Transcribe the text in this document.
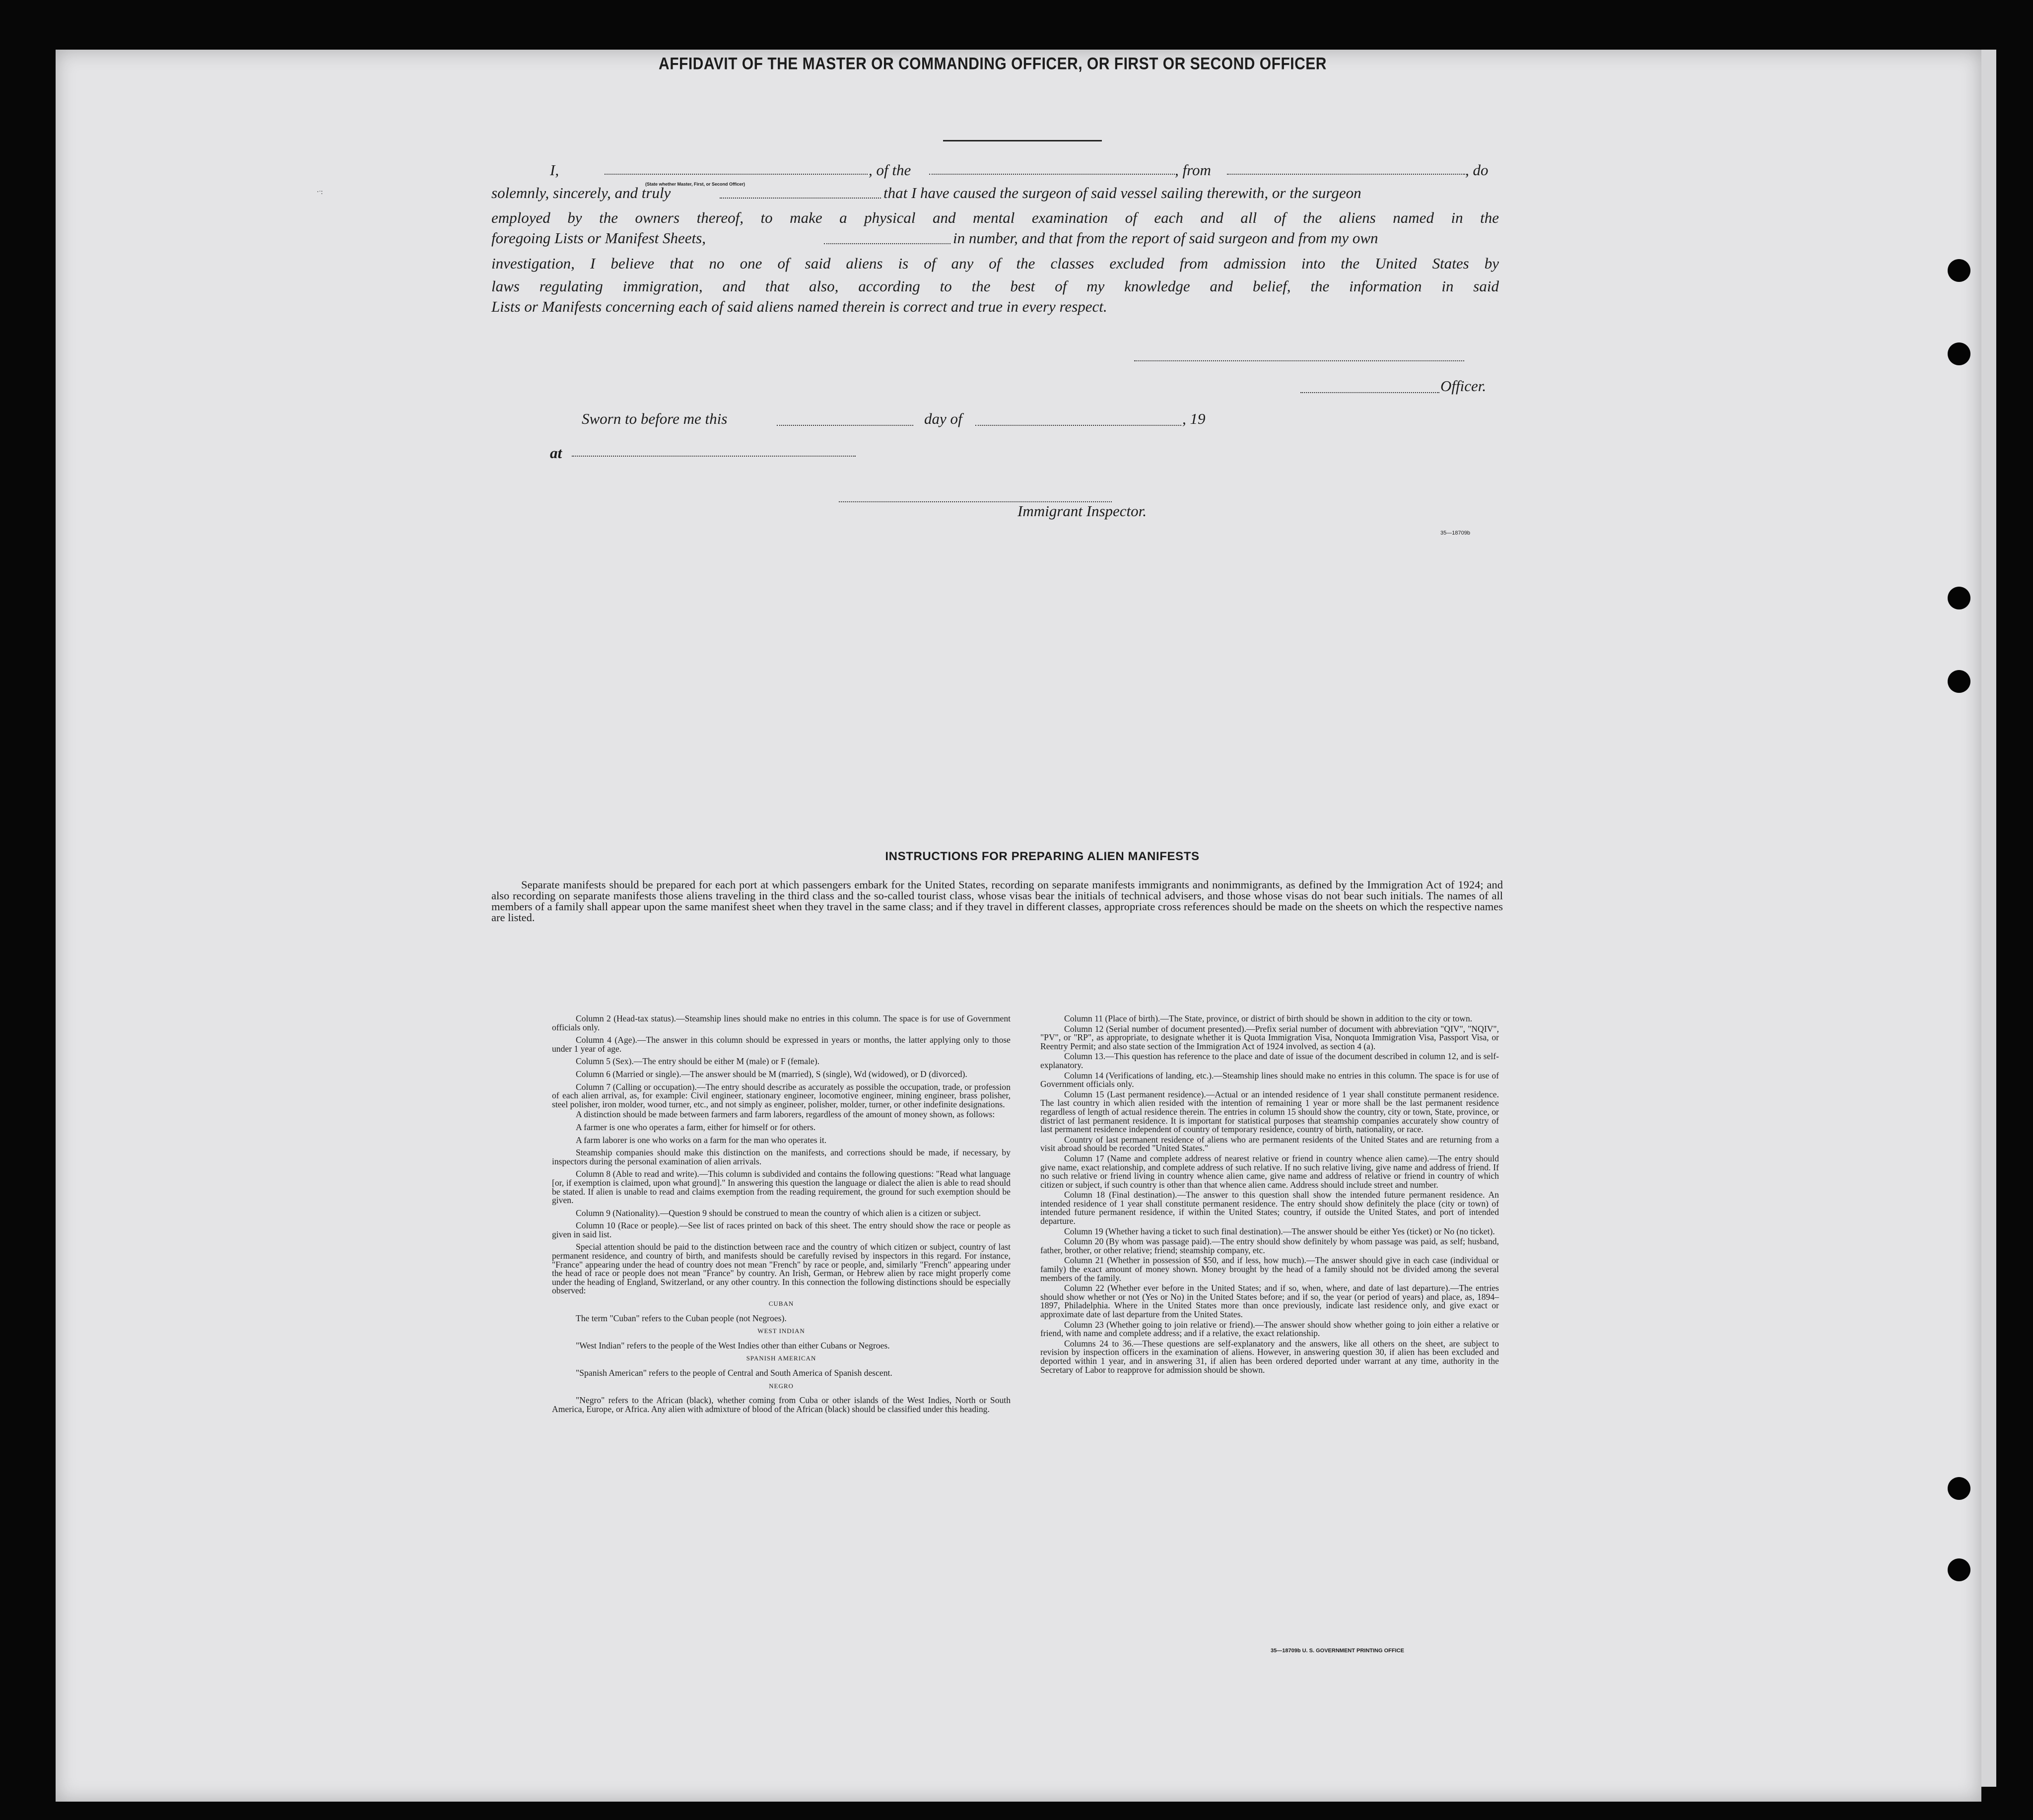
·ˑ:
AFFIDAVIT OF THE MASTER OR COMMANDING OFFICER, OR FIRST OR SECOND OFFICER
I,
(State whether Master, First, or Second Officer)
, of the	, from	, do
solemnly, sincerely, and truly	that I have caused the surgeon of said vessel sailing therewith, or the surgeon
employed by the owners thereof, to make a physical and mental examination of each and all of the aliens named in the
foregoing Lists or Manifest Sheets,	in number, and that from the report of said surgeon and from my own
investigation, I believe that no one of said aliens is of any of the classes excluded from admission into the United States by
laws regulating immigration, and that also, according to the best of my knowledge and belief, the information in said
Lists or Manifests concerning each of said aliens named therein is correct and true in every respect.
Officer.
Sworn to before me this	day of	, 19
at
Immigrant Inspector.
35—18709b
INSTRUCTIONS FOR PREPARING ALIEN MANIFESTS

Separate manifests should be prepared for each port at which passengers embark for the United States, recording on separate manifests immigrants and nonimmigrants, as defined by the Immigration Act of 1924; and also recording on separate manifests those aliens traveling in the third class and the so-called tourist class, whose visas bear the initials of technical advisers, and those whose visas do not bear such initials. The names of all members of a family shall appear upon the same manifest sheet when they travel in the same class; and if they travel in different classes, appropriate cross references should be made on the sheets on which the respective names are listed.

Column 2 (Head-tax status).—Steamship lines should make no entries in this column. The space is for use of Government officials only.

Column 4 (Age).—The answer in this column should be expressed in years or months, the latter applying only to those under 1 year of age.

Column 5 (Sex).—The entry should be either M (male) or F (female).

Column 6 (Married or single).—The answer should be M (married), S (single), Wd (widowed), or D (divorced).

Column 7 (Calling or occupation).—The entry should describe as accurately as possible the occupation, trade, or profession of each alien arrival, as, for example: Civil engineer, stationary engineer, locomotive engineer, mining engineer, brass polisher, steel polisher, iron molder, wood turner, etc., and not simply as engineer, polisher, molder, turner, or other indefinite designations.

A distinction should be made between farmers and farm laborers, regardless of the amount of money shown, as follows:

A farmer is one who operates a farm, either for himself or for others.

A farm laborer is one who works on a farm for the man who operates it.

Steamship companies should make this distinction on the manifests, and corrections should be made, if necessary, by inspectors during the personal examination of alien arrivals.

Column 8 (Able to read and write).—This column is subdivided and contains the following questions: "Read what language [or, if exemption is claimed, upon what ground]." In answering this question the language or dialect the alien is able to read should be stated. If alien is unable to read and claims exemption from the reading requirement, the ground for such exemption should be given.

Column 9 (Nationality).—Question 9 should be construed to mean the country of which alien is a citizen or subject.

Column 10 (Race or people).—See list of races printed on back of this sheet. The entry should show the race or people as given in said list.

Special attention should be paid to the distinction between race and the country of which citizen or subject, country of last permanent residence, and country of birth, and manifests should be carefully revised by inspectors in this regard. For instance, "France" appearing under the head of country does not mean "French" by race or people, and, similarly "French" appearing under the head of race or people does not mean "France" by country. An Irish, German, or Hebrew alien by race might properly come under the heading of England, Switzerland, or any other country. In this connection the following distinctions should be especially observed:

CUBAN

The term "Cuban" refers to the Cuban people (not Negroes).

WEST INDIAN

"West Indian" refers to the people of the West Indies other than either Cubans or Negroes.

SPANISH AMERICAN

"Spanish American" refers to the people of Central and South America of Spanish descent.

NEGRO

"Negro" refers to the African (black), whether coming from Cuba or other islands of the West Indies, North or South America, Europe, or Africa. Any alien with admixture of blood of the African (black) should be classified under this heading.

Column 11 (Place of birth).—The State, province, or district of birth should be shown in addition to the city or town.

Column 12 (Serial number of document presented).—Prefix serial number of document with abbreviation "QIV", "NQIV", "PV", or "RP", as appropriate, to designate whether it is Quota Immigration Visa, Nonquota Immigration Visa, Passport Visa, or Reentry Permit; and also state section of the Immigration Act of 1924 involved, as section 4 (a).

Column 13.—This question has reference to the place and date of issue of the document described in column 12, and is self-explanatory.

Column 14 (Verifications of landing, etc.).—Steamship lines should make no entries in this column. The space is for use of Government officials only.

Column 15 (Last permanent residence).—Actual or an intended residence of 1 year shall constitute permanent residence. The last country in which alien resided with the intention of remaining 1 year or more shall be the last permanent residence regardless of length of actual residence therein. The entries in column 15 should show the country, city or town, State, province, or district of last permanent residence. It is important for statistical purposes that steamship companies accurately show country of last permanent residence independent of country of temporary residence, country of birth, nationality, or race.

Country of last permanent residence of aliens who are permanent residents of the United States and are returning from a visit abroad should be recorded "United States."

Column 17 (Name and complete address of nearest relative or friend in country whence alien came).—The entry should give name, exact relationship, and complete address of such relative. If no such relative living, give name and address of friend. If no such relative or friend living in country whence alien came, give name and address of relative or friend in country of which citizen or subject, if such country is other than that whence alien came. Address should include street and number.

Column 18 (Final destination).—The answer to this question shall show the intended future permanent residence. An intended residence of 1 year shall constitute permanent residence. The entry should show definitely the place (city or town) of intended future permanent residence, if within the United States; country, if outside the United States, and port of intended departure.

Column 19 (Whether having a ticket to such final destination).—The answer should be either Yes (ticket) or No (no ticket).

Column 20 (By whom was passage paid).—The entry should show definitely by whom passage was paid, as self; husband, father, brother, or other relative; friend; steamship company, etc.

Column 21 (Whether in possession of $50, and if less, how much).—The answer should give in each case (individual or family) the exact amount of money shown. Money brought by the head of a family should not be divided among the several members of the family.

Column 22 (Whether ever before in the United States; and if so, when, where, and date of last departure).—The entries should show whether or not (Yes or No) in the United States before; and if so, the year (or period of years) and place, as, 1894–1897, Philadelphia. Where in the United States more than once previously, indicate last residence only, and give exact or approximate date of last departure from the United States.

Column 23 (Whether going to join relative or friend).—The answer should show whether going to join either a relative or friend, with name and complete address; and if a relative, the exact relationship.

Columns 24 to 36.—These questions are self-explanatory and the answers, like all others on the sheet, are subject to revision by inspection officers in the examination of aliens. However, in answering question 30, if alien has been excluded and deported within 1 year, and in answering 31, if alien has been ordered deported under warrant at any time, authority in the Secretary of Labor to reapprove for admission should be shown.

35—18709b U. S. GOVERNMENT PRINTING OFFICE
